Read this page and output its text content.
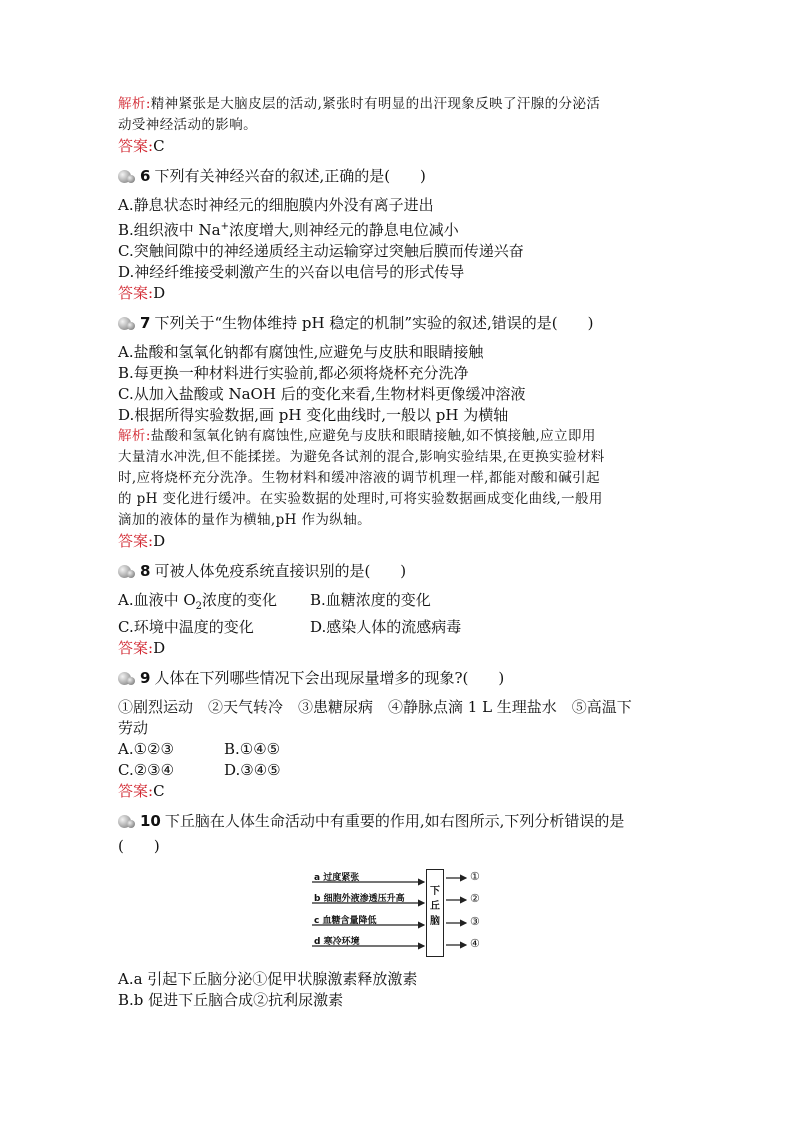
解析:精神紧张是大脑皮层的活动,紧张时有明显的出汗现象反映了汗腺的分泌活
动受神经活动的影响。
答案:C
6 下列有关神经兴奋的叙述,正确的是(　　)
A.静息状态时神经元的细胞膜内外没有离子进出
B.组织液中 Na+浓度增大,则神经元的静息电位减小
C.突触间隙中的神经递质经主动运输穿过突触后膜而传递兴奋
D.神经纤维接受刺激产生的兴奋以电信号的形式传导
答案:D
7 下列关于“生物体维持 pH 稳定的机制”实验的叙述,错误的是(　　)
A.盐酸和氢氧化钠都有腐蚀性,应避免与皮肤和眼睛接触
B.每更换一种材料进行实验前,都必须将烧杯充分洗净
C.从加入盐酸或 NaOH 后的变化来看,生物材料更像缓冲溶液
D.根据所得实验数据,画 pH 变化曲线时,一般以 pH 为横轴
解析:盐酸和氢氧化钠有腐蚀性,应避免与皮肤和眼睛接触,如不慎接触,应立即用
大量清水冲洗,但不能揉搓。为避免各试剂的混合,影响实验结果,在更换实验材料
时,应将烧杯充分洗净。生物材料和缓冲溶液的调节机理一样,都能对酸和碱引起
的 pH 变化进行缓冲。在实验数据的处理时,可将实验数据画成变化曲线,一般用
滴加的液体的量作为横轴,pH 作为纵轴。
答案:D
8 可被人体免疫系统直接识别的是(　　)
A.血液中 $O_2$浓度的变化	B.血糖浓度的变化
C.环境中温度的变化	D.感染人体的流感病毒
答案:D
9 人体在下列哪些情况下会出现尿量增多的现象?(　　)
①剧烈运动　②天气转冷　③患糖尿病　④静脉点滴 1 L 生理盐水　⑤高温下
劳动
A.①②③	B.①④⑤
C.②③④	D.③④⑤
答案:C
10 下丘脑在人体生命活动中有重要的作用,如右图所示,下列分析错误的是
(　　)
a 过度紧张
b 细胞外液渗透压升高
c 血糖含量降低
d 寒冷环境
下
丘
脑
①
②
③
④
A.a 引起下丘脑分泌①促甲状腺激素释放激素
B.b 促进下丘脑合成②抗利尿激素
